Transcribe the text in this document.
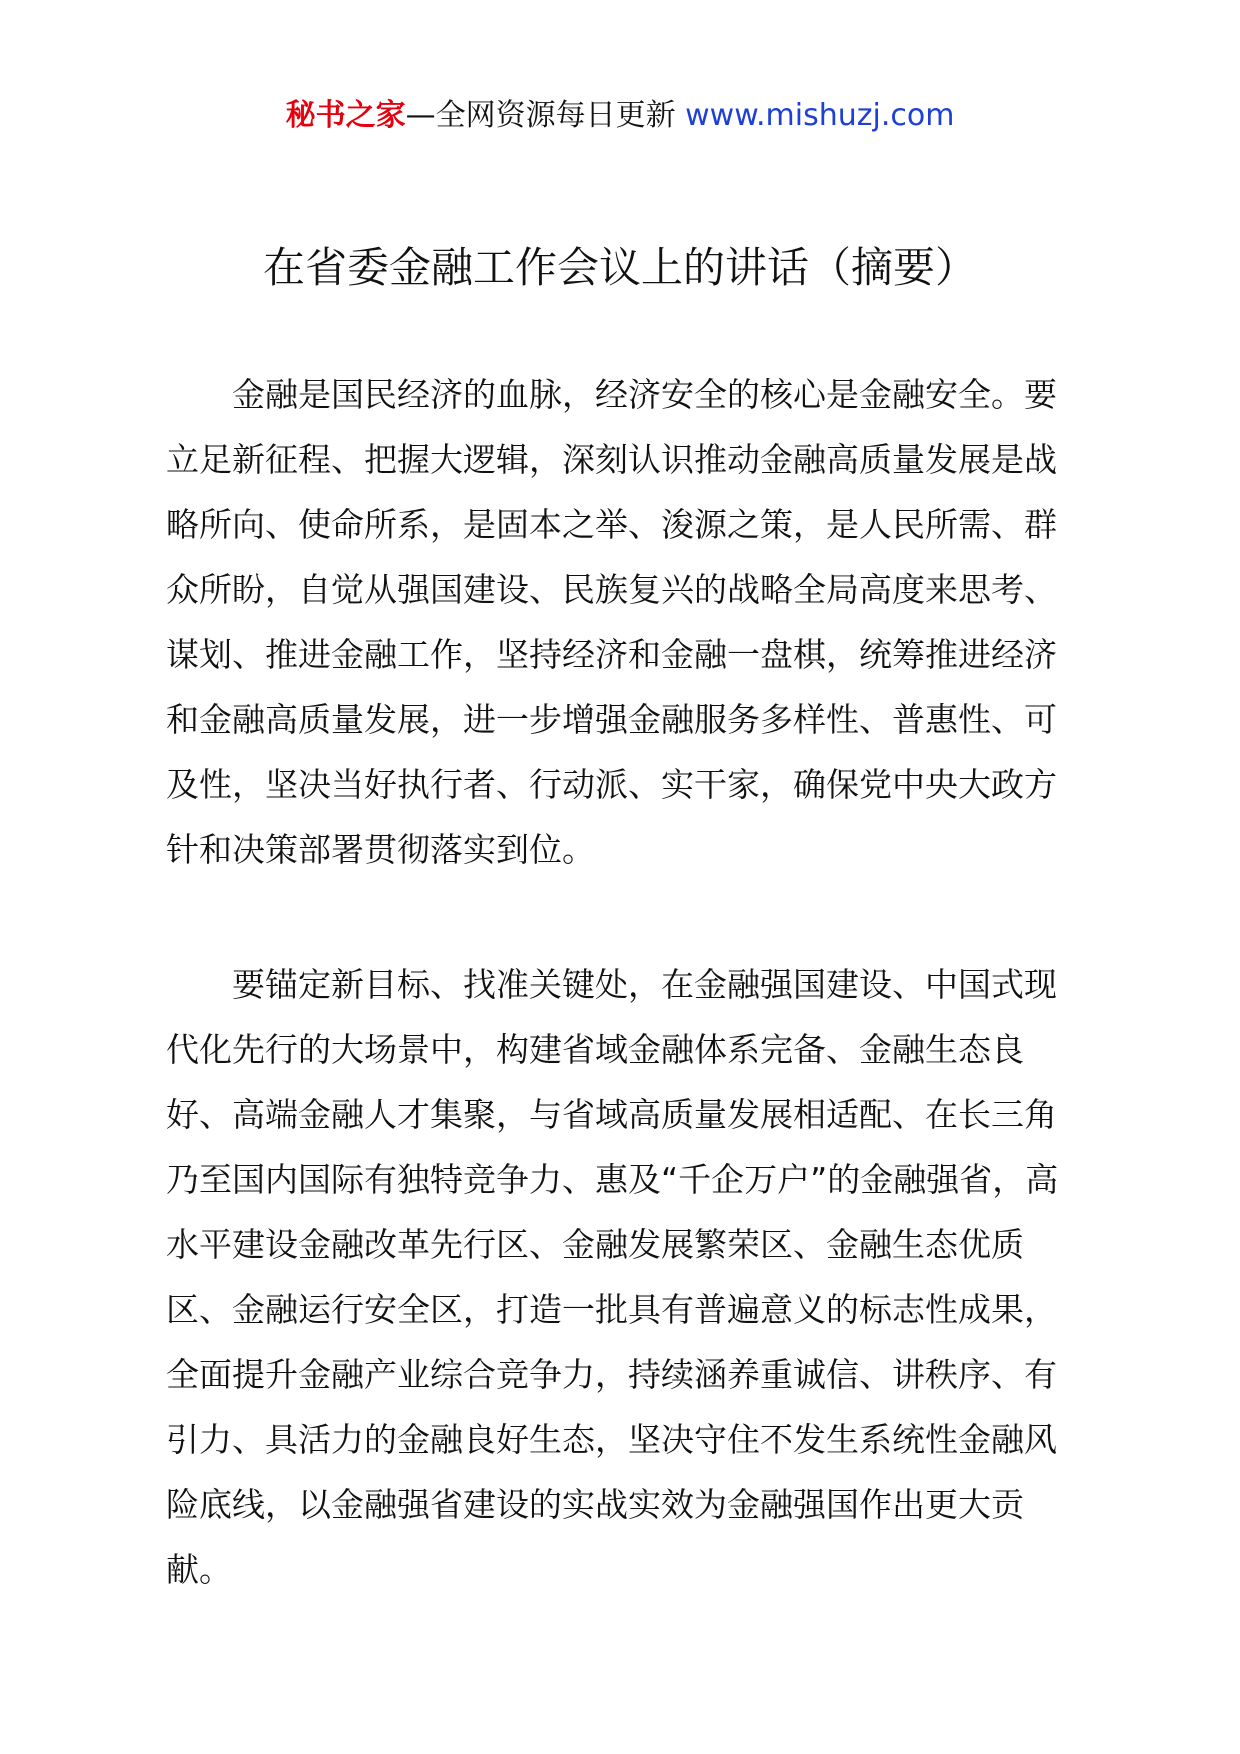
秘书之家—全网资源每日更新 www.mishuzj.com
在省委金融工作会议上的讲话（摘要）

金融是国民经济的血脉，经济安全的核心是金融安全。要立足新征程、把握大逻辑，深刻认识推动金融高质量发展是战略所向、使命所系，是固本之举、浚源之策，是人民所需、群众所盼，自觉从强国建设、民族复兴的战略全局高度来思考、谋划、推进金融工作，坚持经济和金融一盘棋，统筹推进经济和金融高质量发展，进一步增强金融服务多样性、普惠性、可及性，坚决当好执行者、行动派、实干家，确保党中央大政方针和决策部署贯彻落实到位。

要锚定新目标、找准关键处，在金融强国建设、中国式现代化先行的大场景中，构建省域金融体系完备、金融生态良好、高端金融人才集聚，与省域高质量发展相适配、在长三角乃至国内国际有独特竞争力、惠及“千企万户”的金融强省，高水平建设金融改革先行区、金融发展繁荣区、金融生态优质区、金融运行安全区，打造一批具有普遍意义的标志性成果，全面提升金融产业综合竞争力，持续涵养重诚信、讲秩序、有引力、具活力的金融良好生态，坚决守住不发生系统性金融风险底线，以金融强省建设的实战实效为金融强国作出更大贡献。
